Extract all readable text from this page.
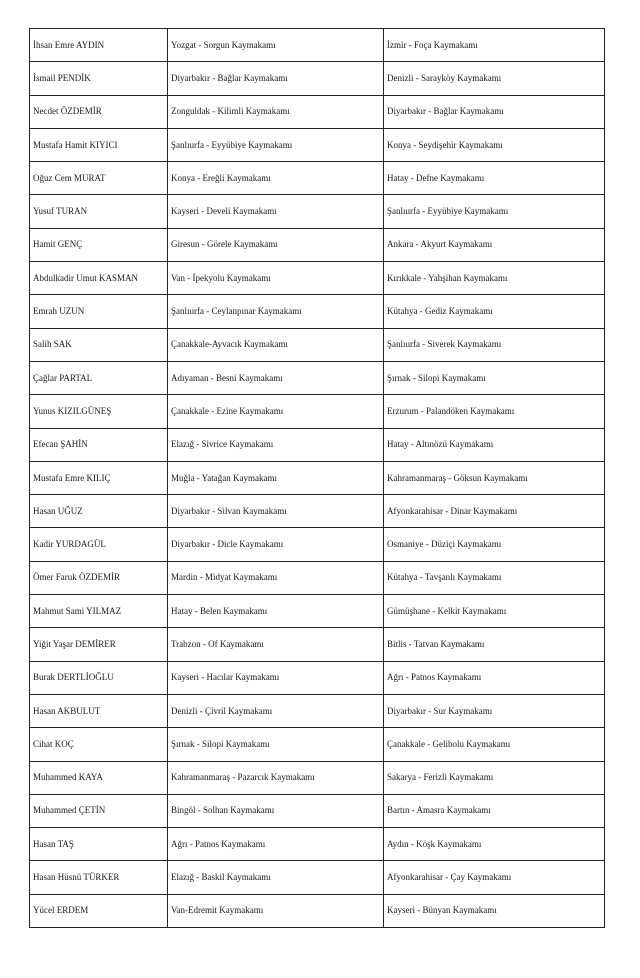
İhsan Emre AYDIN	Yozgat - Sorgun Kaymakamı	İzmir - Foça Kaymakamı
İsmail PENDİK	Diyarbakır - Bağlar Kaymakamı	Denizli - Sarayköy Kaymakamı
Necdet ÖZDEMİR	Zonguldak - Kilimli Kaymakamı	Diyarbakır - Bağlar Kaymakamı
Mustafa Hamit KIYICI	Şanlıurfa - Eyyübiye Kaymakamı	Konya - Seydişehir Kaymakamı
Oğuz Cem MURAT	Konya - Ereğli Kaymakamı	Hatay - Defne Kaymakamı
Yusuf TURAN	Kayseri - Develi Kaymakamı	Şanlıurfa - Eyyübiye Kaymakamı
Hamit GENÇ	Giresun - Görele Kaymakamı	Ankara - Akyurt Kaymakamı
Abdulkadir Umut KASMAN	Van - İpekyolu Kaymakamı	Kırıkkale - Yahşihan Kaymakamı
Emrah UZUN	Şanlıurfa - Ceylanpınar Kaymakamı	Kütahya - Gediz Kaymakamı
Salih SAK	Çanakkale-Ayvacık Kaymakamı	Şanlıurfa - Siverek Kaymakamı
Çağlar PARTAL	Adıyaman - Besni Kaymakamı	Şırnak - Silopi Kaymakamı
Yunus KIZILGÜNEŞ	Çanakkale - Ezine Kaymakamı	Erzurum - Palandöken Kaymakamı
Efecan ŞAHİN	Elazığ - Sivrice Kaymakamı	Hatay - Altınözü Kaymakamı
Mustafa Emre KILIÇ	Muğla - Yatağan Kaymakamı	Kahramanmaraş - Göksun Kaymakamı
Hasan UĞUZ	Diyarbakır - Silvan Kaymakamı	Afyonkarahisar - Dinar Kaymakamı
Kadir YURDAGÜL	Diyarbakır - Dicle Kaymakamı	Osmaniye - Düziçi Kaymakamı
Ömer Faruk ÖZDEMİR	Mardin - Midyat Kaymakamı	Kütahya - Tavşanlı Kaymakamı
Mahmut Sami YILMAZ	Hatay - Belen Kaymakamı	Gümüşhane - Kelkit Kaymakamı
Yiğit Yaşar DEMİRER	Trabzon - Of Kaymakamı	Bitlis - Tatvan Kaymakamı
Burak DERTLİOĞLU	Kayseri - Hacılar Kaymakamı	Ağrı - Patnos Kaymakamı
Hasan AKBULUT	Denizli - Çivril Kaymakamı	Diyarbakır - Sur Kaymakamı
Cihat KOÇ	Şırnak - Silopi Kaymakamı	Çanakkale - Gelibolu Kaymakamı
Muhammed KAYA	Kahramanmaraş - Pazarcık Kaymakamı	Sakarya - Ferizli Kaymakamı
Muhammed ÇETİN	Bingöl - Solhan Kaymakamı	Bartın - Amasra Kaymakamı
Hasan TAŞ	Ağrı - Patnos Kaymakamı	Aydın - Köşk Kaymakamı
Hasan Hüsnü TÜRKER	Elazığ - Baskil Kaymakamı	Afyonkarahisar - Çay Kaymakamı
Yücel ERDEM	Van-Edremit Kaymakamı	Kayseri - Bünyan Kaymakamı
